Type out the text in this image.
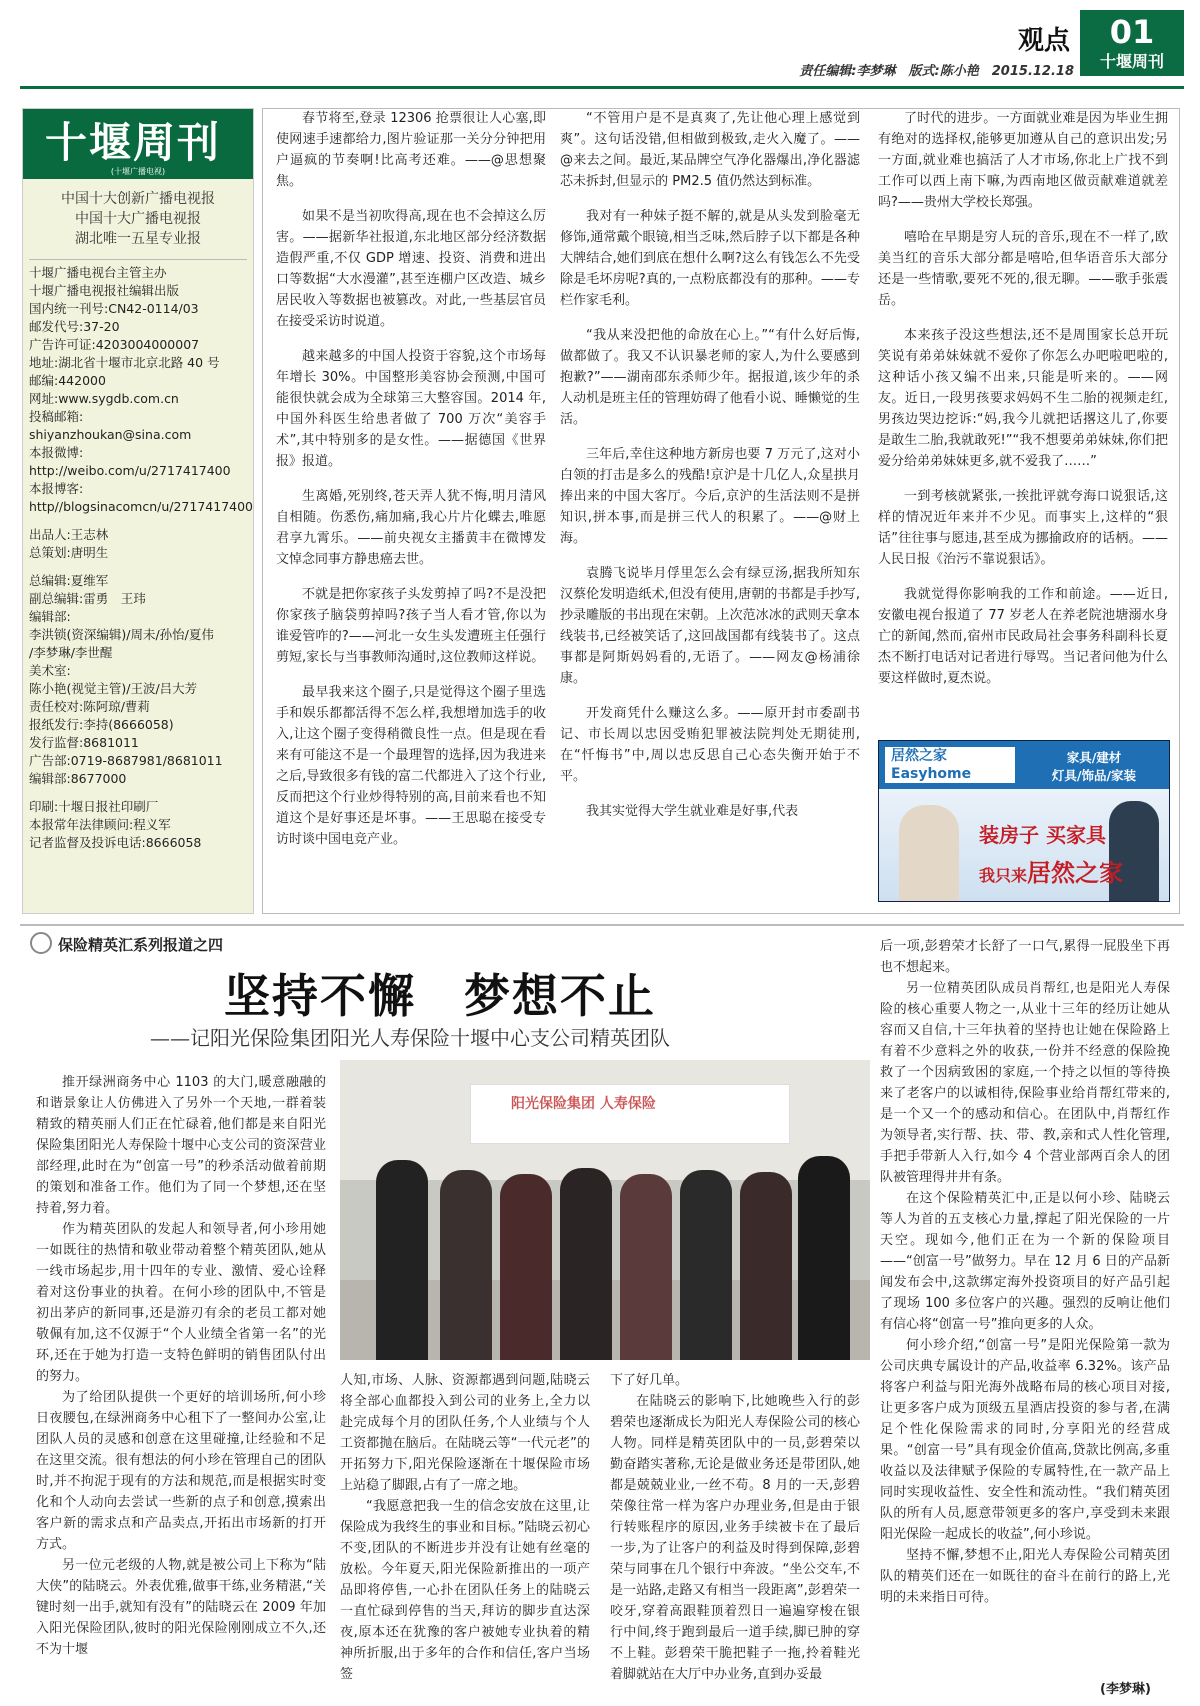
观点	01
十堰周刊
责任编辑:李梦琳　版式:陈小艳　2015.12.18
十堰周刊
(十堰广播电视)
中国十大创新广播电视报
中国十大广播电视报
湖北唯一五星专业报

十堰广播电视台主管主办

十堰广播电视报社编辑出版

国内统一刊号:CN42-0114/03

邮发代号:37-20

广告许可证:4203004000007

地址:湖北省十堰市北京北路 40 号

邮编:442000

网址:www.sygdb.com.cn

投稿邮箱:

shiyanzhoukan@sina.com

本报微博:

http://weibo.com/u/2717417400

本报博客:

http//blogsinacomcn/u/2717417400

出品人:王志林

总策划:唐明生

总编辑:夏维军

副总编辑:雷勇　王玮

编辑部:

李洪锁(资深编辑)/周未/孙怡/夏伟

/李梦琳/李世醒

美术室:

陈小艳(视觉主管)/王波/吕大芳

责任校对:陈阿琼/曹莉

报纸发行:李持(8666058)

发行监督:8681011

广告部:0719-8687981/8681011

编辑部:8677000

印刷:十堰日报社印刷厂

本报常年法律顾问:程义军

记者监督及投诉电话:8666058

春节将至,登录 12306 抢票很让人心塞,即使网速手速都给力,图片验证那一关分分钟把用户逼疯的节奏啊!比高考还难。——@思想聚焦。

如果不是当初吹得高,现在也不会掉这么厉害。——据新华社报道,东北地区部分经济数据造假严重,不仅 GDP 增速、投资、消费和进出口等数据“大水漫灌”,甚至连棚户区改造、城乡居民收入等数据也被篡改。对此,一些基层官员在接受采访时说道。

越来越多的中国人投资于容貌,这个市场每年增长 30%。中国整形美容协会预测,中国可能很快就会成为全球第三大整容国。2014 年,中国外科医生给患者做了 700 万次“美容手术”,其中特别多的是女性。——据德国《世界报》报道。

生离婚,死别终,苍天弄人犹不悔,明月清风自相随。伤悉伤,痛加痛,我心片片化蝶去,唯愿君享九霄乐。——前央视女主播黄丰在微博发文悼念同事方静患癌去世。

不就是把你家孩子头发剪掉了吗?不是没把你家孩子脑袋剪掉吗?孩子当人看才管,你以为谁爱管咋的?——河北一女生头发遭班主任强行剪短,家长与当事教师沟通时,这位教师这样说。

最早我来这个圈子,只是觉得这个圈子里选手和娱乐都都活得不怎么样,我想增加选手的收入,让这个圈子变得稍微良性一点。但是现在看来有可能这不是一个最理智的选择,因为我进来之后,导致很多有钱的富二代都进入了这个行业,反而把这个行业炒得特别的高,目前来看也不知道这个是好事还是坏事。——王思聪在接受专访时谈中国电竞产业。

“不管用户是不是真爽了,先让他心理上感觉到爽”。这句话没错,但相做到极致,走火入魔了。——@来去之间。最近,某品牌空气净化器爆出,净化器滤芯未拆封,但显示的 PM2.5 值仍然达到标准。

我对有一种妹子挺不解的,就是从头发到脸毫无修饰,通常戴个眼镜,相当乏味,然后脖子以下都是各种大牌结合,她们到底在想什么啊?这么有钱怎么不先受除是毛坏房呢?真的,一点粉底都没有的那种。——专栏作家毛利。

“我从来没把他的命放在心上。”“有什么好后悔,做都做了。我又不认识暴老师的家人,为什么要感到抱歉?”——湖南邵东杀师少年。据报道,该少年的杀人动机是班主任的管理妨碍了他看小说、睡懒觉的生活。

三年后,幸住这种地方新房也要 7 万元了,这对小白领的打击是多么的残酷!京沪是十几亿人,众星拱月捧出来的中国大客厅。今后,京沪的生活法则不是拼知识,拼本事,而是拼三代人的积累了。——@财上海。

袁腾飞说毕月俘里怎么会有绿豆汤,据我所知东汉蔡伦发明造纸术,但没有使用,唐朝的书都是手抄写,抄录雕版的书出现在宋朝。上次范冰冰的武则天拿本线装书,已经被笑话了,这回战国都有线装书了。这点事都是阿斯妈妈看的,无语了。——网友@杨浦徐康。

开发商凭什么赚这么多。——原开封市委副书记、市长周以忠因受贿犯罪被法院判处无期徒刑,在“忏悔书”中,周以忠反思自己心态失衡开始于不平。

我其实觉得大学生就业难是好事,代表

了时代的进步。一方面就业难是因为毕业生拥有绝对的选择权,能够更加遵从自己的意识出发;另一方面,就业难也搞活了人才市场,你北上广找不到工作可以西上南下嘛,为西南地区做贡献难道就差吗?——贵州大学校长郑强。

嘻哈在早期是穷人玩的音乐,现在不一样了,欧美当红的音乐大部分都是嘻哈,但华语音乐大部分还是一些情歌,要死不死的,很无聊。——歌手张震岳。

本来孩子没这些想法,还不是周围家长总开玩笑说有弟弟妹妹就不爱你了你怎么办吧啦吧啦的,这种话小孩又编不出来,只能是听来的。——网友。近日,一段男孩要求妈妈不生二胎的视频走红,男孩边哭边挖诉:“妈,我今儿就把话撂这儿了,你要是敢生二胎,我就敢死!”“我不想要弟弟妹妹,你们把爱分给弟弟妹妹更多,就不爱我了……”

一到考核就紧张,一挨批评就夸海口说狠话,这样的情况近年来并不少见。而事实上,这样的“狠话”往往事与愿违,甚至成为挪揄政府的话柄。——人民日报《治污不靠说狠话》。

我就觉得你影响我的工作和前途。——近日,安徽电视台报道了 77 岁老人在养老院池塘溺水身亡的新闻,然而,宿州市民政局社会事务科副科长夏杰不断打电话对记者进行辱骂。当记者问他为什么要这样做时,夏杰说。

居然之家
Easyhome
家具/建材
灯具/饰品/家装
装房子 买家具
我只来居然之家
保险精英汇系列报道之四
坚持不懈　梦想不止
——记阳光保险集团阳光人寿保险十堰中心支公司精英团队
阳光保险集团 人寿保险

推开绿洲商务中心 1103 的大门,暖意融融的和谐景象让人仿佛进入了另外一个天地,一群着装精致的精英丽人们正在忙碌着,他们都是来自阳光保险集团阳光人寿保险十堰中心支公司的资深营业部经理,此时在为“创富一号”的秒杀活动做着前期的策划和准备工作。他们为了同一个梦想,还在坚持着,努力着。

作为精英团队的发起人和领导者,何小珍用她一如既往的热情和敬业带动着整个精英团队,她从一线市场起步,用十四年的专业、激情、爱心诠释着对这份事业的执着。在何小珍的团队中,不管是初出茅庐的新同事,还是游刃有余的老员工都对她敬佩有加,这不仅源于“个人业绩全省第一名”的光环,还在于她为打造一支特色鲜明的销售团队付出的努力。

为了给团队提供一个更好的培训场所,何小珍日夜腰包,在绿洲商务中心租下了一整间办公室,让团队人员的灵感和创意在这里碰撞,让经验和不足在这里交流。很有想法的何小珍在管理自己的团队时,并不拘泥于现有的方法和规范,而是根据实时变化和个人动向去尝试一些新的点子和创意,摸索出客户新的需求点和产品卖点,开拓出市场新的打开方式。

另一位元老级的人物,就是被公司上下称为“陆大侠”的陆晓云。外表优雅,做事干练,业务精湛,“关键时刻一出手,就知有没有”的陆晓云在 2009 年加入阳光保险团队,彼时的阳光保险刚刚成立不久,还不为十堰

人知,市场、人脉、资源都遇到问题,陆晓云将全部心血都投入到公司的业务上,全力以赴完成每个月的团队任务,个人业绩与个人工资都抛在脑后。在陆晓云等“一代元老”的开拓努力下,阳光保险逐渐在十堰保险市场上站稳了脚跟,占有了一席之地。

“我愿意把我一生的信念安放在这里,让保险成为我终生的事业和目标。”陆晓云初心不变,团队的不断进步并没有让她有丝毫的放松。今年夏天,阳光保险新推出的一项产品即将停售,一心扑在团队任务上的陆晓云一直忙碌到停售的当天,拜访的脚步直达深夜,原本还在犹豫的客户被她专业执着的精神所折服,出于多年的合作和信任,客户当场签

下了好几单。

在陆晓云的影响下,比她晚些入行的彭碧荣也逐渐成长为阳光人寿保险公司的核心人物。同样是精英团队中的一员,彭碧荣以勤奋踏实著称,无论是做业务还是带团队,她都是兢兢业业,一丝不苟。8 月的一天,彭碧荣像往常一样为客户办理业务,但是由于银行转账程序的原因,业务手续被卡在了最后一步,为了让客户的利益及时得到保障,彭碧荣与同事在几个银行中奔波。“坐公交车,不是一站路,走路又有相当一段距离”,彭碧荣一咬牙,穿着高跟鞋顶着烈日一遍遍穿梭在银行中间,终于跑到最后一道手续,脚已肿的穿不上鞋。彭碧荣干脆把鞋子一拖,拎着鞋光着脚就站在大厅中办业务,直到办妥最

后一项,彭碧荣才长舒了一口气,累得一屁股坐下再也不想起来。

另一位精英团队成员肖帮红,也是阳光人寿保险的核心重要人物之一,从业十三年的经历让她从容而又自信,十三年执着的坚持也让她在保险路上有着不少意料之外的收获,一份并不经意的保险挽救了一个因病致困的家庭,一个持之以恒的等待换来了老客户的以诚相待,保险事业给肖帮红带来的,是一个又一个的感动和信心。在团队中,肖帮红作为领导者,实行帮、扶、带、教,亲和式人性化管理,手把手带新人入行,如今 4 个营业部两百余人的团队被管理得井井有条。

在这个保险精英汇中,正是以何小珍、陆晓云等人为首的五支核心力量,撑起了阳光保险的一片天空。现如今,他们正在为一个新的保险项目——“创富一号”做努力。早在 12 月 6 日的产品新闻发布会中,这款绑定海外投资项目的好产品引起了现场 100 多位客户的兴趣。强烈的反响让他们有信心将“创富一号”推向更多的人众。

何小珍介绍,“创富一号”是阳光保险第一款为公司庆典专属设计的产品,收益率 6.32%。该产品将客户利益与阳光海外战略布局的核心项目对接,让更多客户成为顶级五星酒店投资的参与者,在满足个性化保险需求的同时,分享阳光的经营成果。“创富一号”具有现金价值高,贷款比例高,多重收益以及法律赋予保险的专属特性,在一款产品上同时实现收益性、安全性和流动性。“我们精英团队的所有人员,愿意带领更多的客户,享受到未来跟阳光保险一起成长的收益”,何小珍说。

坚持不懈,梦想不止,阳光人寿保险公司精英团队的精英们还在一如既往的奋斗在前行的路上,光明的未来指日可待。

(李梦琳)
